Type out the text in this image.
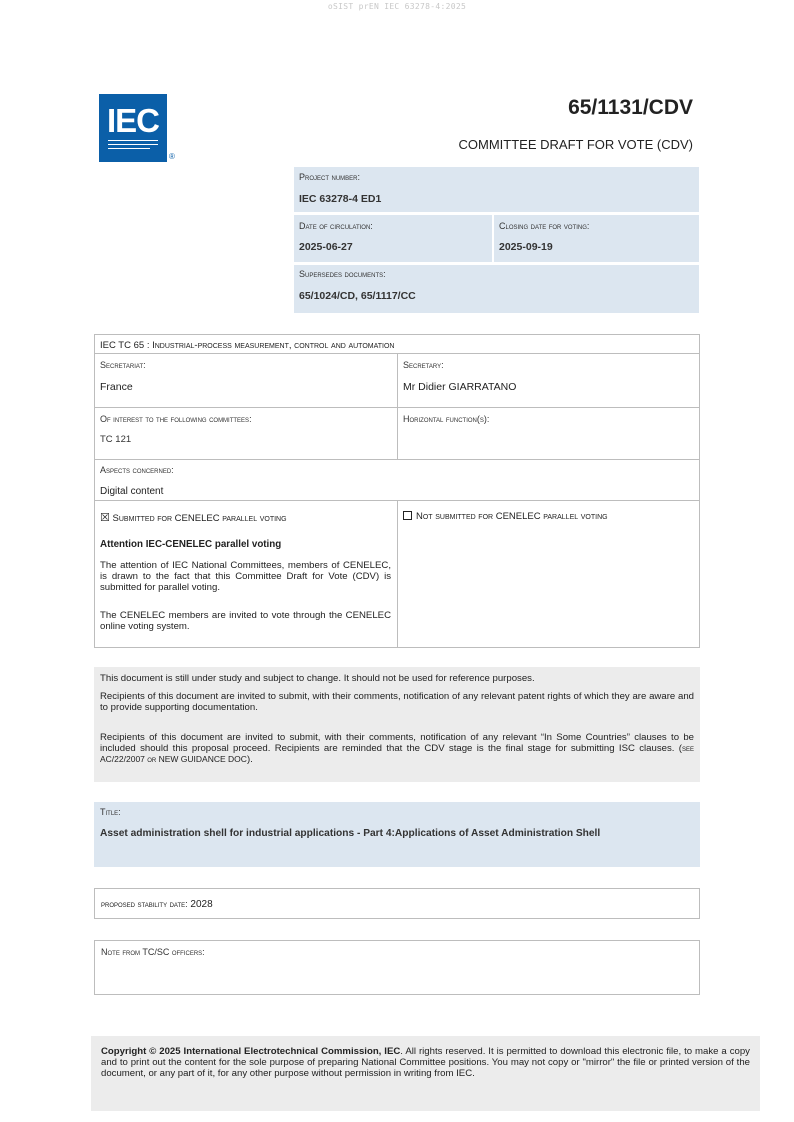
oSIST prEN IEC 63278-4:2025
IEC
®
65/1131/CDV
COMMITTEE DRAFT FOR VOTE (CDV)
Project number:
IEC 63278-4 ED1
Date of circulation:
2025-06-27
Closing date for voting:
2025-09-19
Supersedes documents:
65/1024/CD, 65/1117/CC
IEC TC 65 : Industrial-process measurement, control and automation
Secretariat:
France
Secretary:
Mr Didier GIARRATANO
Of interest to the following committees:
TC 121
Horizontal function(s):
Aspects concerned:
Digital content
☒ Submitted for CENELEC parallel voting	Not submitted for CENELEC parallel voting
Attention IEC-CENELEC parallel voting
The attention of IEC National Committees, members of CENELEC, is drawn to the fact that this Committee Draft for Vote (CDV) is submitted for parallel voting.
The CENELEC members are invited to vote through the CENELEC online voting system.
This document is still under study and subject to change. It should not be used for reference purposes.
Recipients of this document are invited to submit, with their comments, notification of any relevant patent rights of which they are aware and to provide supporting documentation.
Recipients of this document are invited to submit, with their comments, notification of any relevant “In Some Countries” clauses to be included should this proposal proceed. Recipients are reminded that the CDV stage is the final stage for submitting ISC clauses. (see AC/22/2007 or NEW GUIDANCE DOC).
Title:
Asset administration shell for industrial applications - Part 4:Applications of Asset Administration Shell
proposed stability date: 2028
Note from TC/SC officers:
Copyright © 2025 International Electrotechnical Commission, IEC. All rights reserved. It is permitted to download this electronic file, to make a copy and to print out the content for the sole purpose of preparing National Committee positions. You may not copy or "mirror" the file or printed version of the document, or any part of it, for any other purpose without permission in writing from IEC.
